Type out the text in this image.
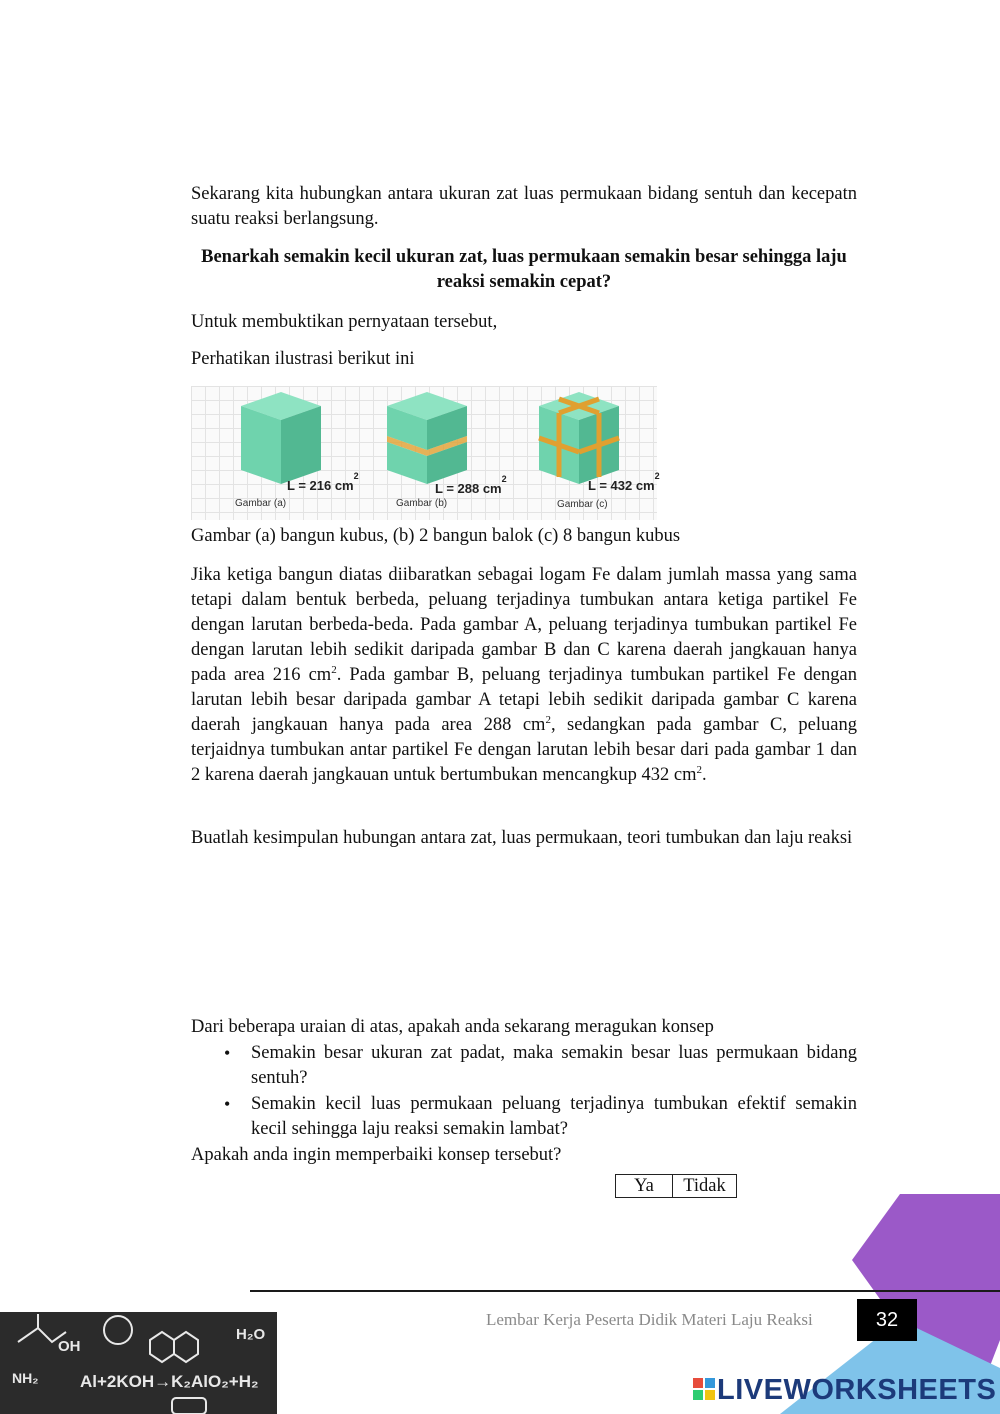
Sekarang kita hubungkan antara ukuran zat luas permukaan bidang sentuh dan kecepatn suatu reaksi berlangsung.

Benarkah semakin kecil ukuran zat, luas permukaan semakin besar sehingga laju reaksi semakin cepat?

Untuk membuktikan pernyataan tersebut,

Perhatikan ilustrasi berikut ini

L = 216 $cm^2$
Gambar (a)
L = 288 $cm^2$
Gambar (b)
L = 432 $cm^2$
Gambar (c)

Gambar (a) bangun kubus, (b) 2 bangun balok (c) 8 bangun kubus

Jika ketiga bangun diatas diibaratkan sebagai logam Fe dalam jumlah massa yang sama tetapi dalam bentuk berbeda, peluang terjadinya tumbukan antara ketiga partikel Fe dengan larutan berbeda-beda. Pada gambar A, peluang terjadinya tumbukan partikel Fe dengan larutan lebih sedikit daripada gambar B dan C karena daerah jangkauan hanya pada area 216 $cm^2$. Pada gambar B, peluang terjadinya tumbukan partikel Fe dengan larutan lebih besar daripada gambar A tetapi lebih sedikit daripada gambar C karena daerah jangkauan hanya pada area 288 $cm^2$, sedangkan pada gambar C, peluang terjaidnya tumbukan antar partikel Fe dengan larutan lebih besar dari pada gambar 1 dan 2 karena daerah jangkauan untuk bertumbukan mencangkup 432 $cm^2$.

Buatlah kesimpulan hubungan antara zat, luas permukaan, teori tumbukan dan laju reaksi

Dari beberapa uraian di atas, apakah anda sekarang meragukan konsep

• Semakin besar ukuran zat padat, maka semakin besar luas permukaan bidang sentuh?

• Semakin kecil luas permukaan peluang terjadinya tumbukan efektif semakin kecil sehingga laju reaksi semakin lambat?

Apakah anda ingin memperbaiki konsep tersebut?

Ya	Tidak
Lembar Kerja Peserta Didik Materi Laju Reaksi	32
OH
NH₂
H₂O
Al+2KOH→K₂AlO₂+H₂	LIVEWORKSHEETS
